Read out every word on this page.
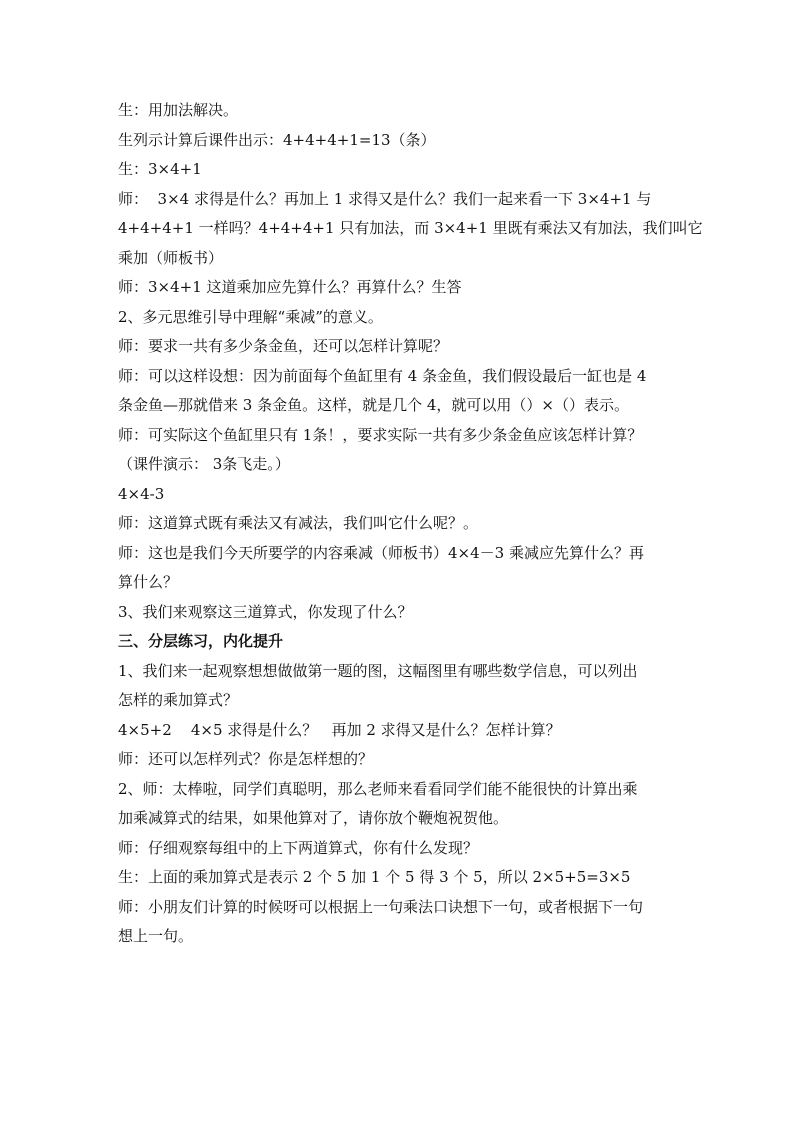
生：用加法解决。

生列示计算后课件出示：4+4+4+1=13（条）

生：3×4+1

师：  3×4 求得是什么？再加上 1 求得又是什么？我们一起来看一下 3×4+1 与

4+4+4+1 一样吗？4+4+4+1 只有加法，而 3×4+1 里既有乘法又有加法，我们叫它

乘加（师板书）

师：3×4+1 这道乘加应先算什么？再算什么？生答

2、多元思维引导中理解“乘减”的意义。

师：要求一共有多少条金鱼，还可以怎样计算呢？

师：可以这样设想：因为前面每个鱼缸里有 4 条金鱼，我们假设最后一缸也是 4

条金鱼—那就借来 3 条金鱼。这样，就是几个 4，就可以用（）×（）表示。

师：可实际这个鱼缸里只有 1条！，要求实际一共有多少条金鱼应该怎样计算？

（课件演示： 3条飞走。）

4×4-3

师：这道算式既有乘法又有减法，我们叫它什么呢？。

师：这也是我们今天所要学的内容乘减（师板书）4×4－3 乘减应先算什么？再

算什么？

3、我们来观察这三道算式，你发现了什么？

三、分层练习，内化提升

1、我们来一起观察想想做做第一题的图，这幅图里有哪些数学信息，可以列出

怎样的乘加算式？

4×5+2    4×5 求得是什么？   再加 2 求得又是什么？怎样计算？

师：还可以怎样列式？你是怎样想的？

2、师：太棒啦，同学们真聪明，那么老师来看看同学们能不能很快的计算出乘

加乘减算式的结果，如果他算对了，请你放个鞭炮祝贺他。

师：仔细观察每组中的上下两道算式，你有什么发现？

生：上面的乘加算式是表示 2 个 5 加 1 个 5 得 3 个 5，所以 2×5+5=3×5

师：小朋友们计算的时候呀可以根据上一句乘法口诀想下一句，或者根据下一句

想上一句。
